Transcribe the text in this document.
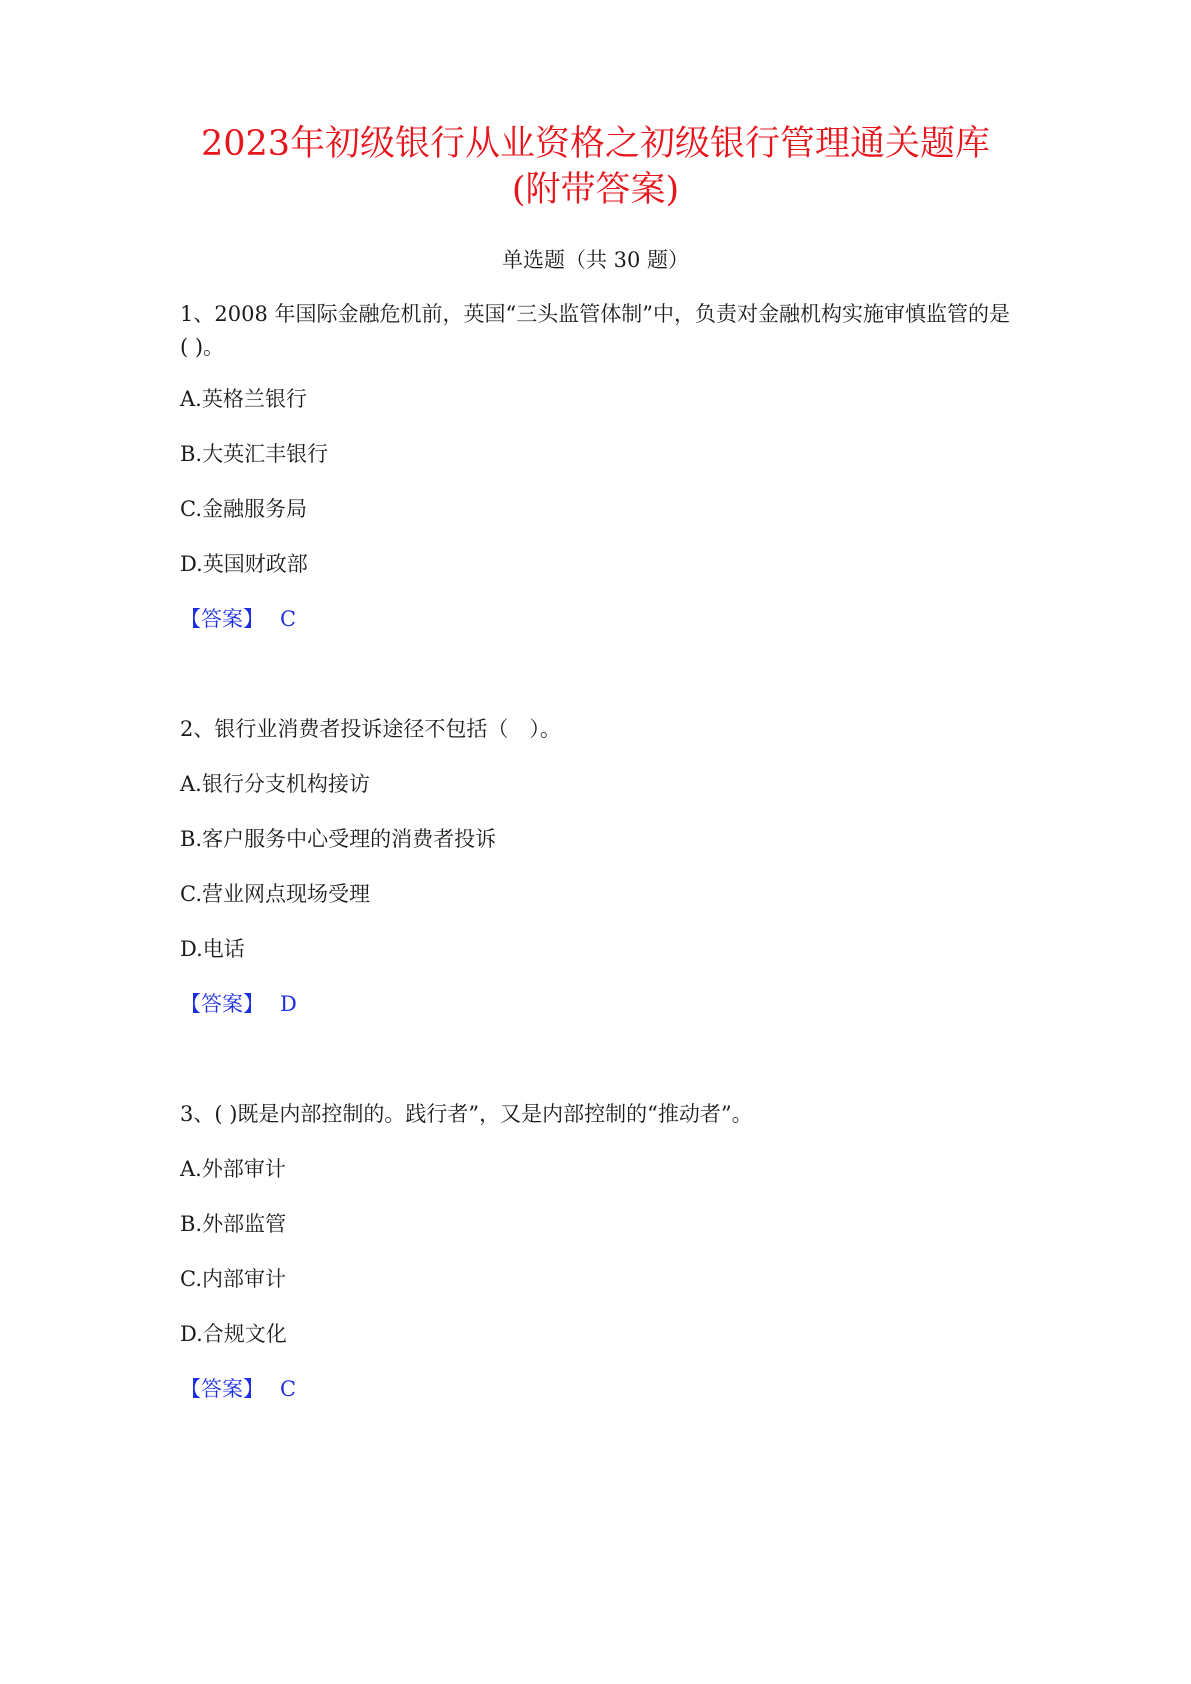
2023年初级银行从业资格之初级银行管理通关题库
(附带答案)

单选题（共 30 题）

1、2008 年国际金融危机前，英国“三头监管体制”中，负责对金融机构实施审慎监管的是( )。

A.英格兰银行

B.大英汇丰银行

C.金融服务局

D.英国财政部

【答案】 C

2、银行业消费者投诉途径不包括（　）。

A.银行分支机构接访

B.客户服务中心受理的消费者投诉

C.营业网点现场受理

D.电话

【答案】 D

3、( )既是内部控制的。践行者”，又是内部控制的“推动者”。

A.外部审计

B.外部监管

C.内部审计

D.合规文化

【答案】 C
